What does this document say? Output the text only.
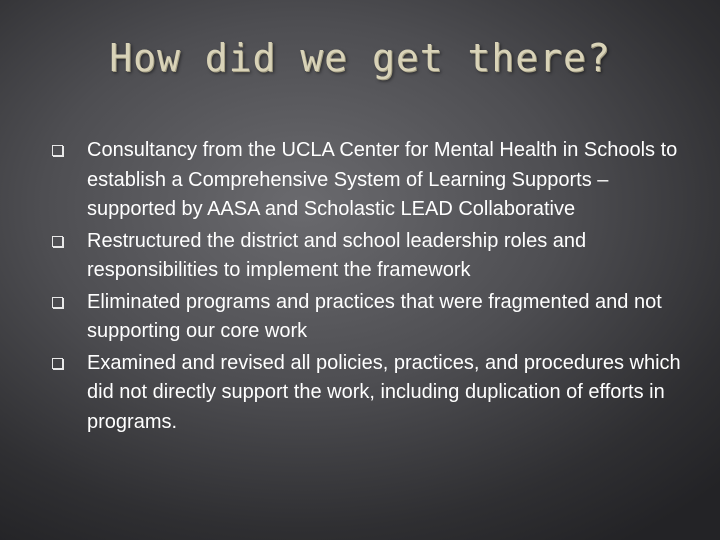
How did we get there?
Consultancy from the UCLA Center for Mental Health in Schools to establish a Comprehensive System of Learning Supports –supported by AASA and Scholastic LEAD Collaborative
Restructured the district and school leadership roles and responsibilities to implement the framework
Eliminated programs and practices that were fragmented and not supporting our core work
Examined and revised all policies, practices, and procedures which did not directly support the work, including duplication of efforts in programs.
